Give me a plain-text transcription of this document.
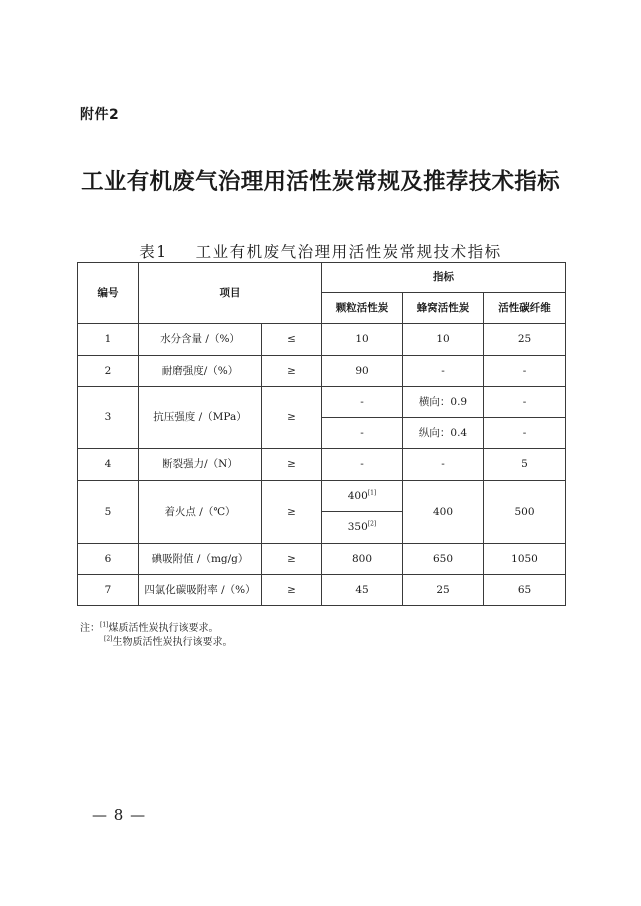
附件2
工业有机废气治理用活性炭常规及推荐技术指标
表1 工业有机废气治理用活性炭常规技术指标
编号	项目		指标		
			颗粒活性炭	蜂窝活性炭	活性碳纤维
1	水分含量 /（%）	≤	10	10	25
2	耐磨强度/（%）	≥	90	-	-
3	抗压强度 /（MPa）	≥	-	横向：0.9	-
			-	纵向：0.4	-
4	断裂强力/（N）	≥	-	-	5
5	着火点 /（℃）	≥	400[1]	400	500
			350[2]
6	碘吸附值 /（mg/g）	≥	800	650	1050
7	四氯化碳吸附率 /（%）	≥	45	25	65
注：[1]煤质活性炭执行该要求。
[2]生物质活性炭执行该要求。
— 8 —
